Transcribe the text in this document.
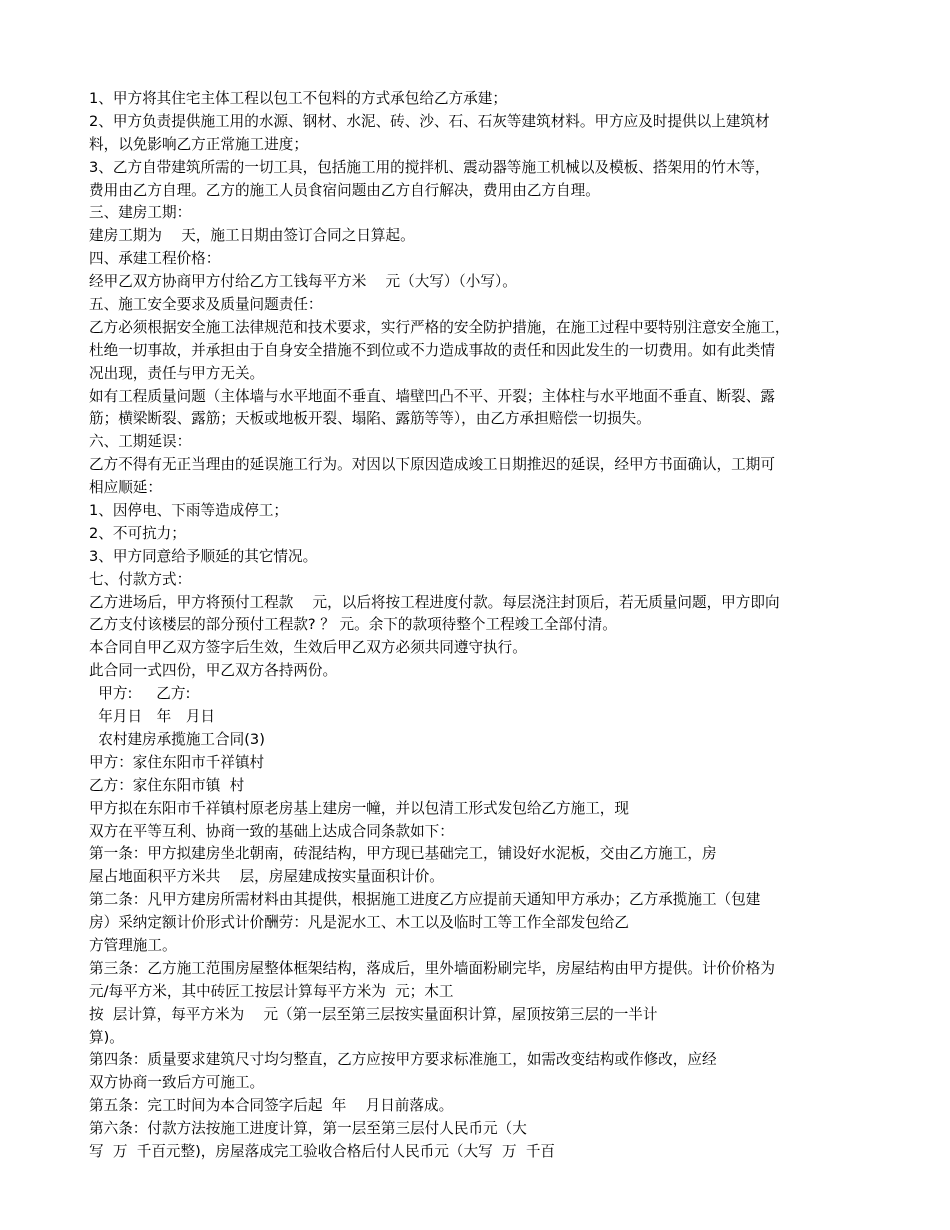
1、甲方将其住宅主体工程以包工不包料的方式承包给乙方承建；
2、甲方负责提供施工用的水源、钢材、水泥、砖、沙、石、石灰等建筑材料。甲方应及时提供以上建筑材
料，以免影响乙方正常施工进度；
3、乙方自带建筑所需的一切工具，包括施工用的搅拌机、震动器等施工机械以及模板、搭架用的竹木等，
费用由乙方自理。乙方的施工人员食宿问题由乙方自行解决，费用由乙方自理。
三、建房工期：
建房工期为　 天，施工日期由签订合同之日算起。
四、承建工程价格：
经甲乙双方协商甲方付给乙方工钱每平方米　 元（大写）（小写）。
五、施工安全要求及质量问题责任：
乙方必须根据安全施工法律规范和技术要求，实行严格的安全防护措施，在施工过程中要特别注意安全施工，
杜绝一切事故，并承担由于自身安全措施不到位或不力造成事故的责任和因此发生的一切费用。如有此类情
况出现，责任与甲方无关。
如有工程质量问题（主体墙与水平地面不垂直、墙壁凹凸不平、开裂；主体柱与水平地面不垂直、断裂、露
筋；横梁断裂、露筋；天板或地板开裂、塌陷、露筋等等），由乙方承担赔偿一切损失。
六、工期延误：
乙方不得有无正当理由的延误施工行为。对因以下原因造成竣工日期推迟的延误，经甲方书面确认，工期可
相应顺延：
1、因停电、下雨等造成停工；
2、不可抗力；
3、甲方同意给予顺延的其它情况。
七、付款方式：
乙方进场后，甲方将预付工程款　 元，以后将按工程进度付款。每层浇注封顶后，若无质量问题，甲方即向
乙方支付该楼层的部分预付工程款? ？ 元。余下的款项待整个工程竣工全部付清。
本合同自甲乙双方签字后生效，生效后甲乙双方必须共同遵守执行。
此合同一式四份，甲乙双方各持两份。
甲方:　  乙方:
年月日　年　月日
农村建房承揽施工合同(3)
甲方：家住东阳市千祥镇村
乙方：家住东阳市镇  村
甲方拟在东阳市千祥镇村原老房基上建房一幢，并以包清工形式发包给乙方施工，现
双方在平等互利、协商一致的基础上达成合同条款如下：
第一条：甲方拟建房坐北朝南，砖混结构，甲方现已基础完工，铺设好水泥板，交由乙方施工，房
屋占地面积平方米共　 层，房屋建成按实量面积计价。
第二条：凡甲方建房所需材料由其提供，根据施工进度乙方应提前天通知甲方承办；乙方承揽施工（包建
房）采纳定额计价形式计价酬劳：凡是泥水工、木工以及临时工等工作全部发包给乙
方管理施工。
第三条：乙方施工范围房屋整体框架结构，落成后，里外墙面粉刷完毕，房屋结构由甲方提供。计价价格为
元/每平方米，其中砖匠工按层计算每平方米为  元；木工
按  层计算，每平方米为　 元（第一层至第三层按实量面积计算，屋顶按第三层的一半计
算)。
第四条：质量要求建筑尺寸均匀整直，乙方应按甲方要求标准施工，如需改变结构或作修改，应经
双方协商一致后方可施工。
第五条：完工时间为本合同签字后起  年　 月日前落成。
第六条：付款方法按施工进度计算，第一层至第三层付人民币元（大
写  万  千百元整)，房屋落成完工验收合格后付人民币元（大写  万  千百
